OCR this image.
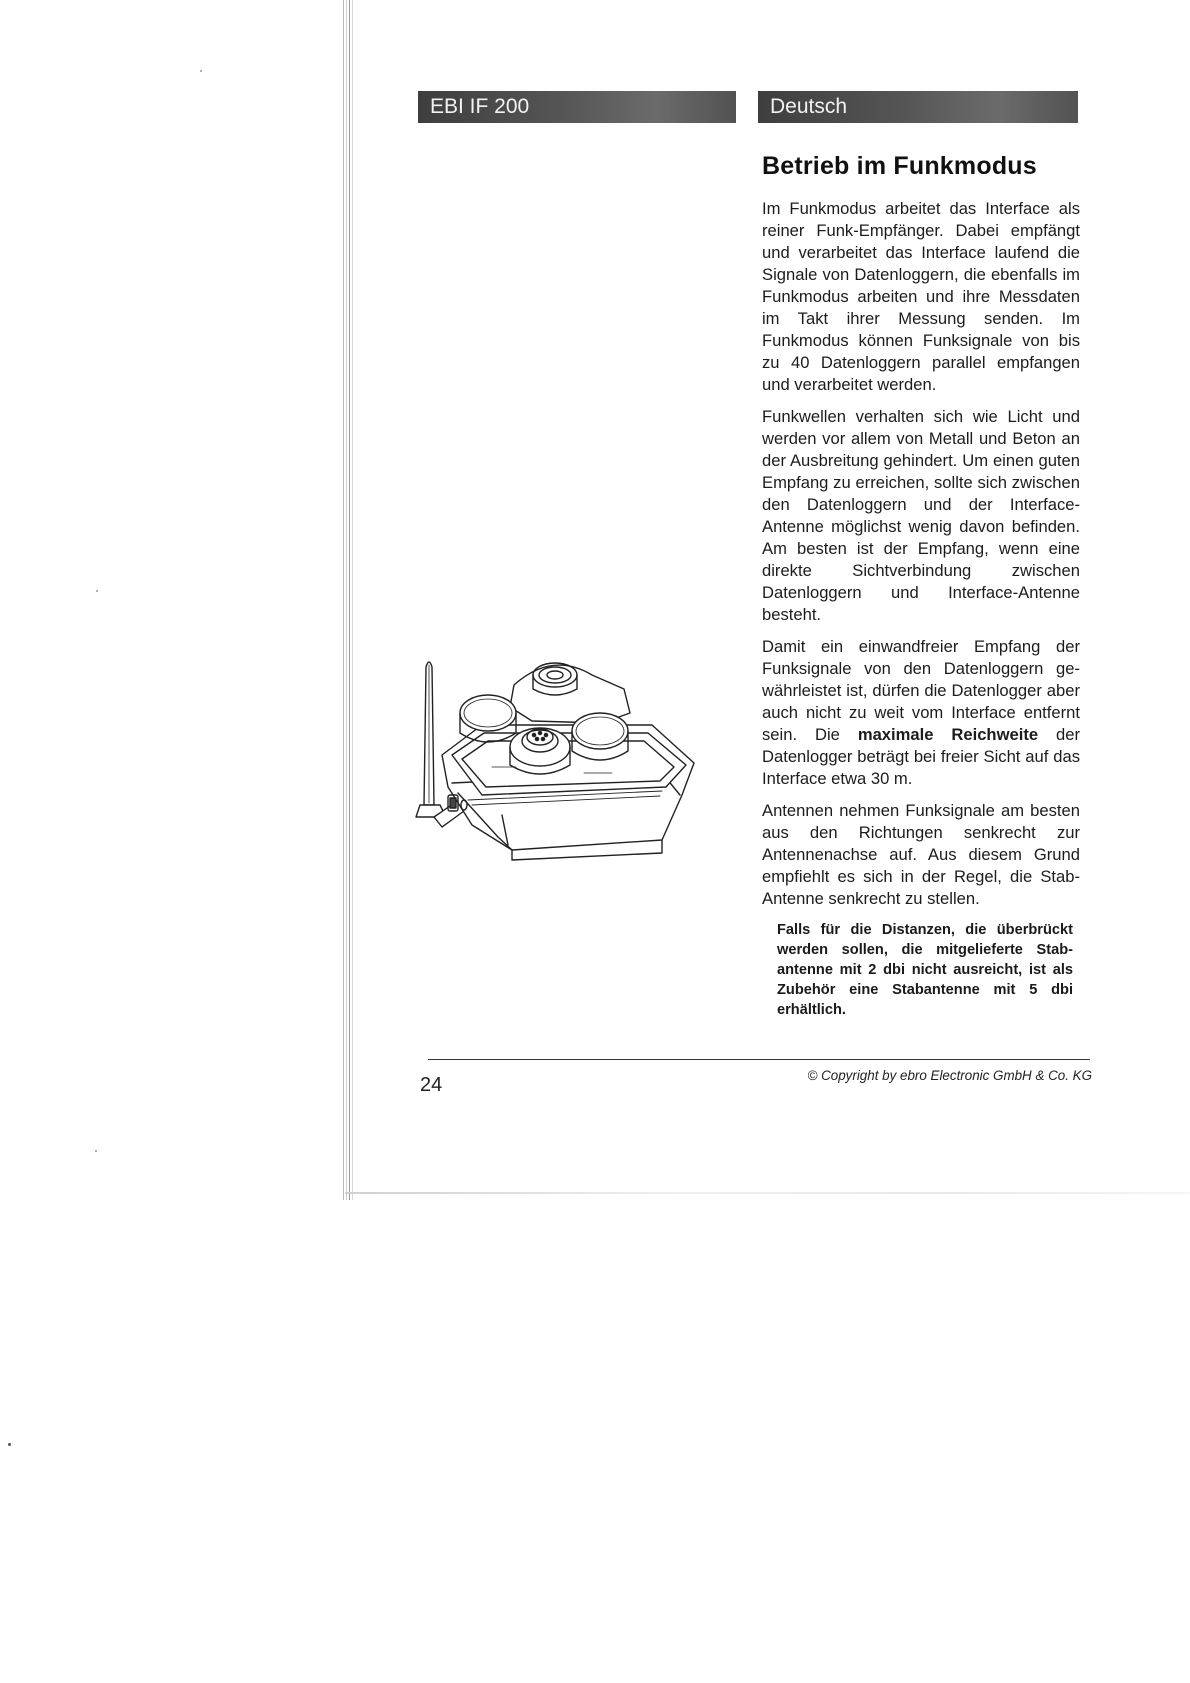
EBI IF 200	Deutsch
Betrieb im Funkmodus

Im Funkmodus arbeitet das Interface als reiner Funk-Empfänger. Dabei empfängt und verarbeitet das Interface laufend die Signale von Datenloggern, die ebenfalls im Funkmodus arbeiten und ihre Messdaten im Takt ihrer Messung senden. Im Funkmodus können Funksignale von bis zu 40 Datenloggern parallel empfangen und verarbeitet werden.

Funkwellen verhalten sich wie Licht und werden vor allem von Metall und Beton an der Ausbreitung gehindert. Um einen guten Empfang zu erreichen, sollte sich zwischen den Datenloggern und der Interface-Antenne möglichst wenig davon befinden. Am besten ist der Empfang, wenn eine direkte Sichtverbindung zwischen Datenloggern und Interface-Antenne besteht.

Damit ein einwandfreier Empfang der Funksignale von den Datenloggern gewährleistet ist, dürfen die Datenlogger aber auch nicht zu weit vom Interface entfernt sein. Die maximale Reichweite der Datenlogger beträgt bei freier Sicht auf das Interface etwa 30 m.

Antennen nehmen Funksignale am besten aus den Richtungen senkrecht zur Antennenachse auf. Aus diesem Grund empfiehlt es sich in der Regel, die Stab-Antenne senkrecht zu stellen.

Falls für die Distanzen, die überbrückt werden sollen, die mitgelieferte Stabantenne mit 2 dbi nicht ausreicht, ist als Zubehör eine Stabantenne mit 5 dbi erhältlich.
24	© Copyright by ebro Electronic GmbH & Co. KG
